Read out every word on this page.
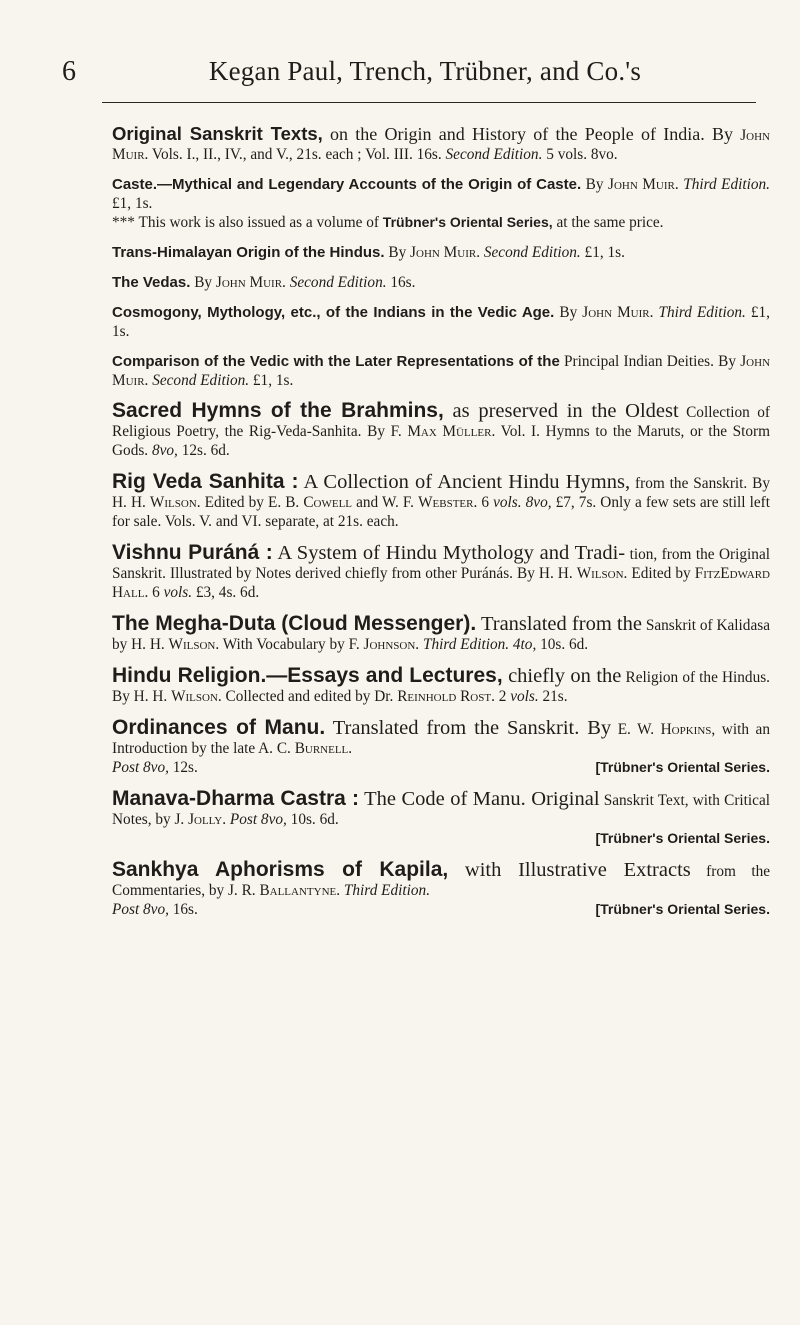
6	Kegan Paul, Trench, Trübner, and Co.'s

Original Sanskrit Texts, on the Origin and History of the People of India. By John Muir. Vols. I., II., IV., and V., 21s. each ; Vol. III. 16s. Second Edition. 5 vols. 8vo.

Caste.—Mythical and Legendary Accounts of the Origin of Caste. By John Muir. Third Edition. £1, 1s.
*** This work is also issued as a volume of Trübner's Oriental Series, at the same price.

Trans-Himalayan Origin of the Hindus. By John Muir. Second Edition. £1, 1s.

The Vedas. By John Muir. Second Edition. 16s.

Cosmogony, Mythology, etc., of the Indians in the Vedic Age. By John Muir. Third Edition. £1, 1s.

Comparison of the Vedic with the Later Representations of the Principal Indian Deities. By John Muir. Second Edition. £1, 1s.

Sacred Hymns of the Brahmins, as preserved in the Oldest Collection of Religious Poetry, the Rig-Veda-Sanhita. By F. Max Müller. Vol. I. Hymns to the Maruts, or the Storm Gods. 8vo, 12s. 6d.

Rig Veda Sanhita : A Collection of Ancient Hindu Hymns, from the Sanskrit. By H. H. Wilson. Edited by E. B. Cowell and W. F. Webster. 6 vols. 8vo, £7, 7s. Only a few sets are still left for sale. Vols. V. and VI. separate, at 21s. each.

Vishnu Puráná : A System of Hindu Mythology and Tradi- tion, from the Original Sanskrit. Illustrated by Notes derived chiefly from other Puránás. By H. H. Wilson. Edited by FitzEdward Hall. 6 vols. £3, 4s. 6d.

The Megha-Duta (Cloud Messenger). Translated from the Sanskrit of Kalidasa by H. H. Wilson. With Vocabulary by F. Johnson. Third Edition. 4to, 10s. 6d.

Hindu Religion.—Essays and Lectures, chiefly on the Religion of the Hindus. By H. H. Wilson. Collected and edited by Dr. Reinhold Rost. 2 vols. 21s.

Ordinances of Manu. Translated from the Sanskrit. By E. W. Hopkins, with an Introduction by the late A. C. Burnell.
Post 8vo, 12s.	[Trübner's Oriental Series.

Manava-Dharma Castra : The Code of Manu. Original Sanskrit Text, with Critical Notes, by J. Jolly. Post 8vo, 10s. 6d.
[Trübner's Oriental Series.

Sankhya Aphorisms of Kapila, with Illustrative Extracts from the Commentaries, by J. R. Ballantyne. Third Edition.
Post 8vo, 16s.	[Trübner's Oriental Series.
